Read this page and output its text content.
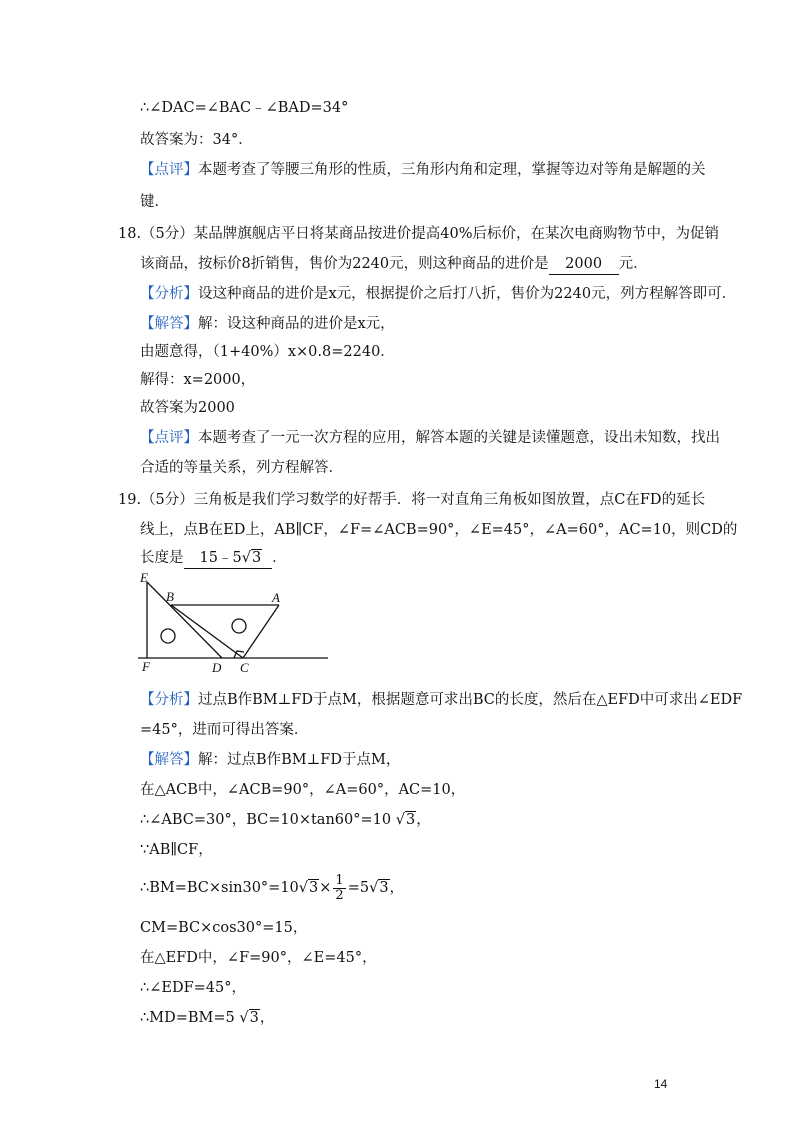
∴∠DAC=∠BAC﹣∠BAD=34°
故答案为：34°．
【点评】本题考查了等腰三角形的性质，三角形内角和定理，掌握等边对等角是解题的关
键．
18.（5分）某品牌旗舰店平日将某商品按进价提高40%后标价，在某次电商购物节中，为促销
该商品，按标价8折销售，售价为2240元，则这种商品的进价是 2000 元．
【分析】设这种商品的进价是x元，根据提价之后打八折，售价为2240元，列方程解答即可．
【解答】解：设这种商品的进价是x元，
由题意得，（1+40%）x×0.8=2240．
解得：x=2000，
故答案为2000
【点评】本题考查了一元一次方程的应用，解答本题的关键是读懂题意，设出未知数，找出
合适的等量关系，列方程解答．
19.（5分）三角板是我们学习数学的好帮手．将一对直角三角板如图放置，点C在FD的延长
线上，点B在ED上，AB∥CF，∠F=∠ACB=90°，∠E=45°，∠A=60°，AC=10，则CD的
长度是 15﹣5√3 ．
E
B	A
F	D C
【分析】过点B作BM⊥FD于点M，根据题意可求出BC的长度，然后在△EFD中可求出∠EDF
=45°，进而可得出答案．
【解答】解：过点B作BM⊥FD于点M，
在△ACB中，∠ACB=90°，∠A=60°，AC=10，
∴∠ABC=30°，BC=10×tan60°=10 √3，
∵AB∥CF，
∴BM=BC×sin30°=10√3× $\frac{1}{2} =5√3$，
CM=BC×cos30°=15，
在△EFD中，∠F=90°，∠E=45°，
∴∠EDF=45°，
∴MD=BM=5 √3，
14
